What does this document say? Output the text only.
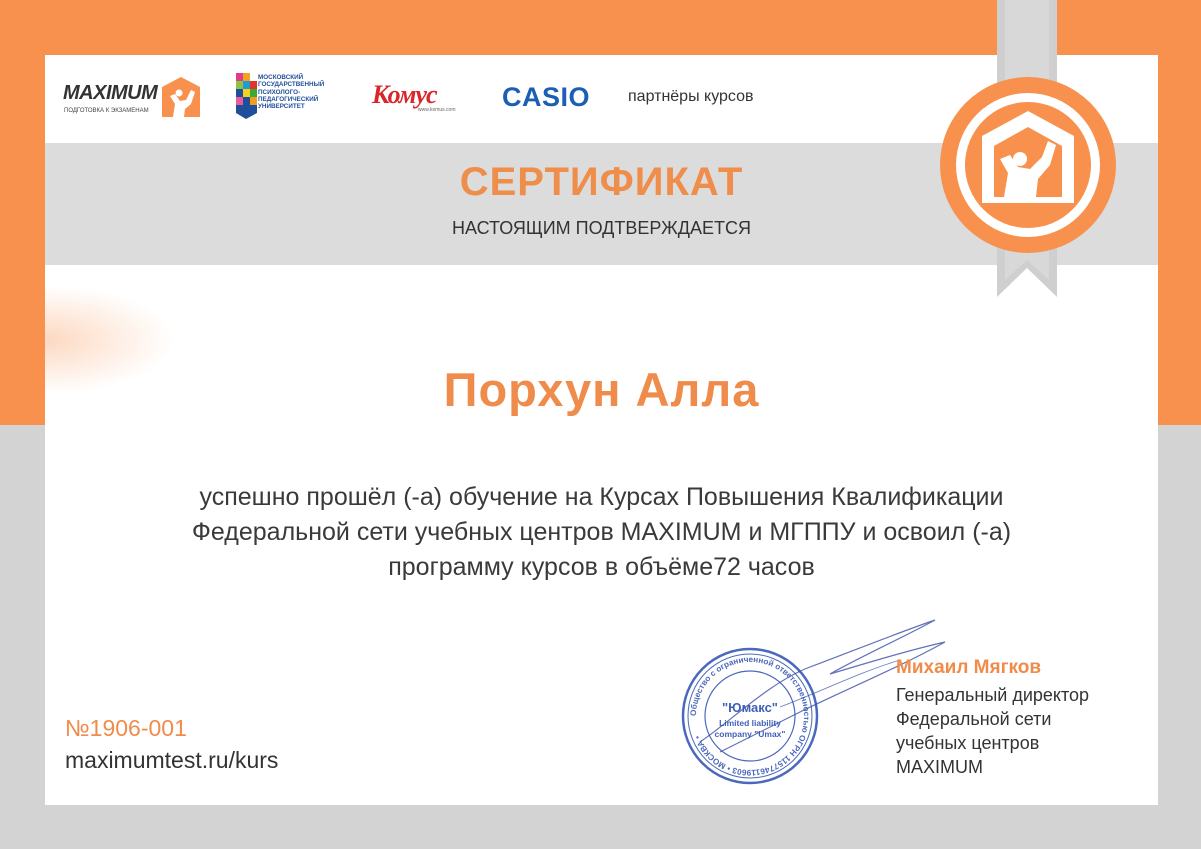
MAXIMUM
ПОДГОТОВКА К ЭКЗАМЕНАМ
МОСКОВСКИЙ
ГОСУДАРСТВЕННЫЙ
ПСИХОЛОГО-
ПЕДАГОГИЧЕСКИЙ
УНИВЕРСИТЕТ	Комус
www.komus.com CASIO партнёры курсов
СЕРТИФИКАТ
НАСТОЯЩИМ ПОДТВЕРЖДАЕТСЯ
Порхун Алла
успешно прошёл (-а) обучение на Курсах Повышения Квалификации
Федеральной сети учебных центров MAXIMUM и МГППУ и освоил (-а)
программу курсов в объёме72 часов
№1906-001
maximumtest.ru/kurs
Общество с ограниченной ответственностью ОГРН 1157746119603 • МОСКВА •
"Юмакс"
Limited liability
company "Umax"
Михаил Мягков
Генеральный директор
Федеральной сети
учебных центров
MAXIMUM
